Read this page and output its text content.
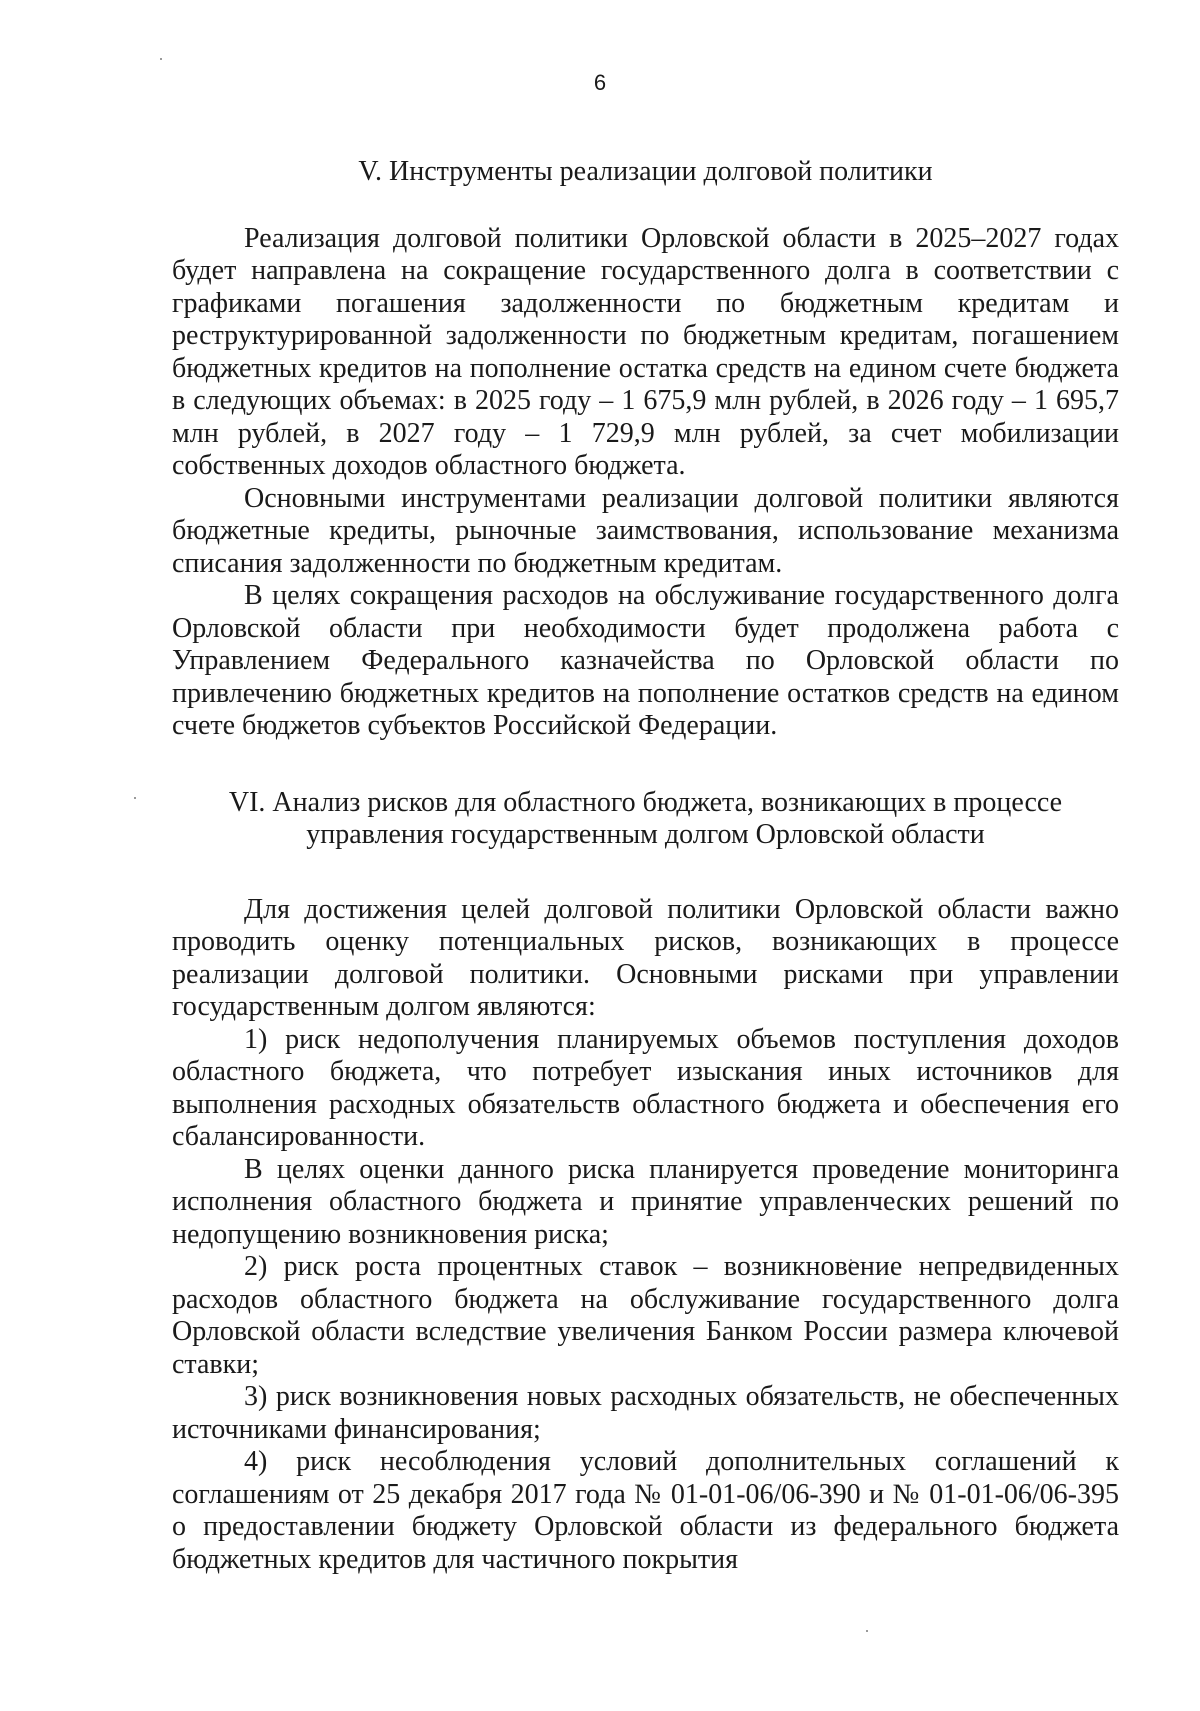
6
V. Инструменты реализации долговой политики

Реализация долговой политики Орловской области в 2025–2027 годах будет направлена на сокращение государственного долга в соответствии с графиками погашения задолженности по бюджетным кредитам и реструктурированной задолженности по бюджетным кредитам, погашением бюджетных кредитов на пополнение остатка средств на едином счете бюджета в следующих объемах: в 2025 году – 1 675,9 млн рублей, в 2026 году – 1 695,7 млн рублей, в 2027 году – 1 729,9 млн рублей, за счет мобилизации собственных доходов областного бюджета.

Основными инструментами реализации долговой политики являются бюджетные кредиты, рыночные заимствования, использование механизма списания задолженности по бюджетным кредитам.

В целях сокращения расходов на обслуживание государственного долга Орловской области при необходимости будет продолжена работа с Управлением Федерального казначейства по Орловской области по привлечению бюджетных кредитов на пополнение остатков средств на едином счете бюджетов субъектов Российской Федерации.

VI. Анализ рисков для областного бюджета, возникающих в процессе
управления государственным долгом Орловской области

Для достижения целей долговой политики Орловской области важно проводить оценку потенциальных рисков, возникающих в процессе реализации долговой политики. Основными рисками при управлении государственным долгом являются:

1) риск недополучения планируемых объемов поступления доходов областного бюджета, что потребует изыскания иных источников для выполнения расходных обязательств областного бюджета и обеспечения его сбалансированности.

В целях оценки данного риска планируется проведение мониторинга исполнения областного бюджета и принятие управленческих решений по недопущению возникновения риска;

2) риск роста процентных ставок – возникновение непредвиденных расходов областного бюджета на обслуживание государственного долга Орловской области вследствие увеличения Банком России размера ключевой ставки;

3) риск возникновения новых расходных обязательств, не обеспеченных источниками финансирования;

4) риск несоблюдения условий дополнительных соглашений к соглашениям от 25 декабря 2017 года № 01-01-06/06-390 и № 01-01-06/06-395 о предоставлении бюджету Орловской области из федерального бюджета бюджетных кредитов для частичного покрытия
